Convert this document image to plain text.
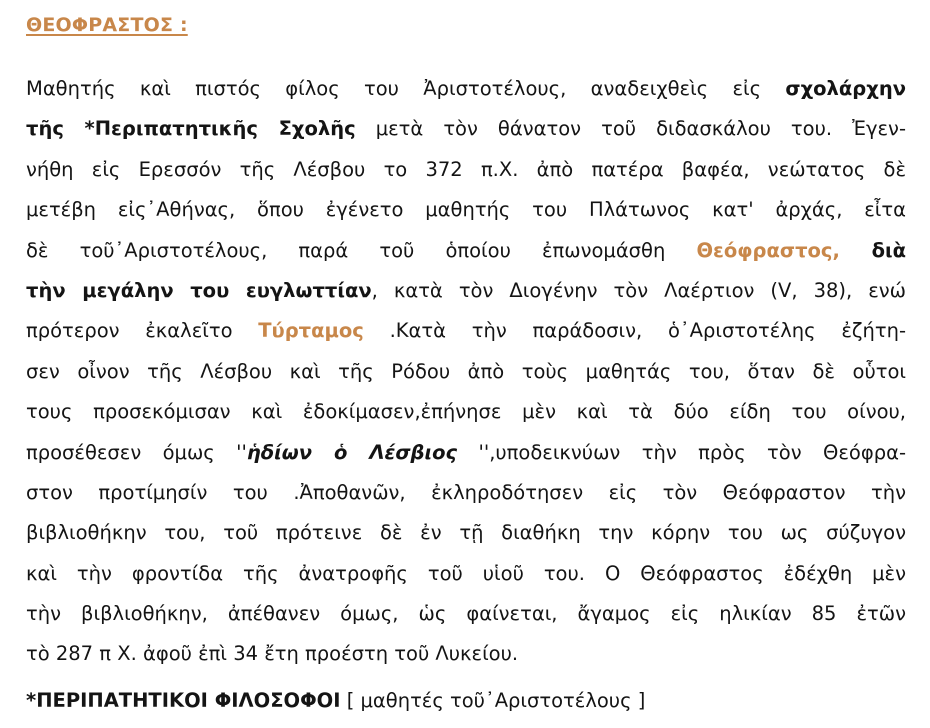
ΘΕΟΦΡΑΣΤΟΣ :
Μαθητής καὶ πιστός φίλος του Ἀριστοτέλους, αναδειχθεὶς εἰς σχολάρχην
τῆς *Περιπατητικῆς Σχολῆς μετὰ τὸν θάνατον τοῦ διδασκάλου του. Ἐγεν-
νήθη εἰς Ερεσσόν τῆς Λέσβου το 372 π.Χ. ἀπὸ πατέρα βαφέα, νεώτατος δὲ
μετέβη εἰς᾽Αθήνας, ὅπου ἐγένετο μαθητής του Πλάτωνος κατ' ἀρχάς, εἶτα
δὲ τοῦ᾽Αριστοτέλους, παρά τοῦ ὁποίου ἐπωνομάσθη Θεόφραστος, διὰ
τὴν μεγάλην του ευγλωττίαν, κατὰ τὸν Διογένην τὸν Λαέρτιον (V, 38), ενώ
πρότερον ἐκαλεῖτο Τύρταμος .Κατὰ τὴν παράδοσιν, ὁ᾽Αριστοτέλης ἐζήτη-
σεν οἶνον τῆς Λέσβου καὶ τῆς Ρόδου ἀπὸ τοὺς μαθητάς του, ὅταν δὲ οὗτοι
τους προσεκόμισαν καὶ ἐδοκίμασεν,ἐπήνησε μὲν καὶ τὰ δύο είδη του οίνου,
προσέθεσεν όμως ''ἡδίων ὁ Λέσβιος '',υποδεικνύων τὴν πρὸς τὸν Θεόφρα-
στον προτίμησίν του .Ἀποθανῶν, ἐκληροδότησεν εἰς τὸν Θεόφραστον τὴν
βιβλιοθήκην του, τοῦ πρότεινε δὲ ἐν τῇ διαθήκη την κόρην του ως σύζυγον
καὶ τὴν φροντίδα τῆς ἀνατροφῆς τοῦ υἱοῦ του. Ο Θεόφραστος ἐδέχθη μὲν
τὴν βιβλιοθήκην, ἀπέθανεν όμως, ὡς φαίνεται, ἄγαμος εἰς ηλικίαν 85 ἐτῶν
τὸ 287 π Χ. ἀφοῦ ἐπὶ 34 ἔτη προέστη τοῦ Λυκείου.
*ΠΕΡΙΠΑΤΗΤΙΚΟΙ ΦΙΛΟΣΟΦΟΙ [ μαθητές τοῦ᾽Αριστοτέλους ]
